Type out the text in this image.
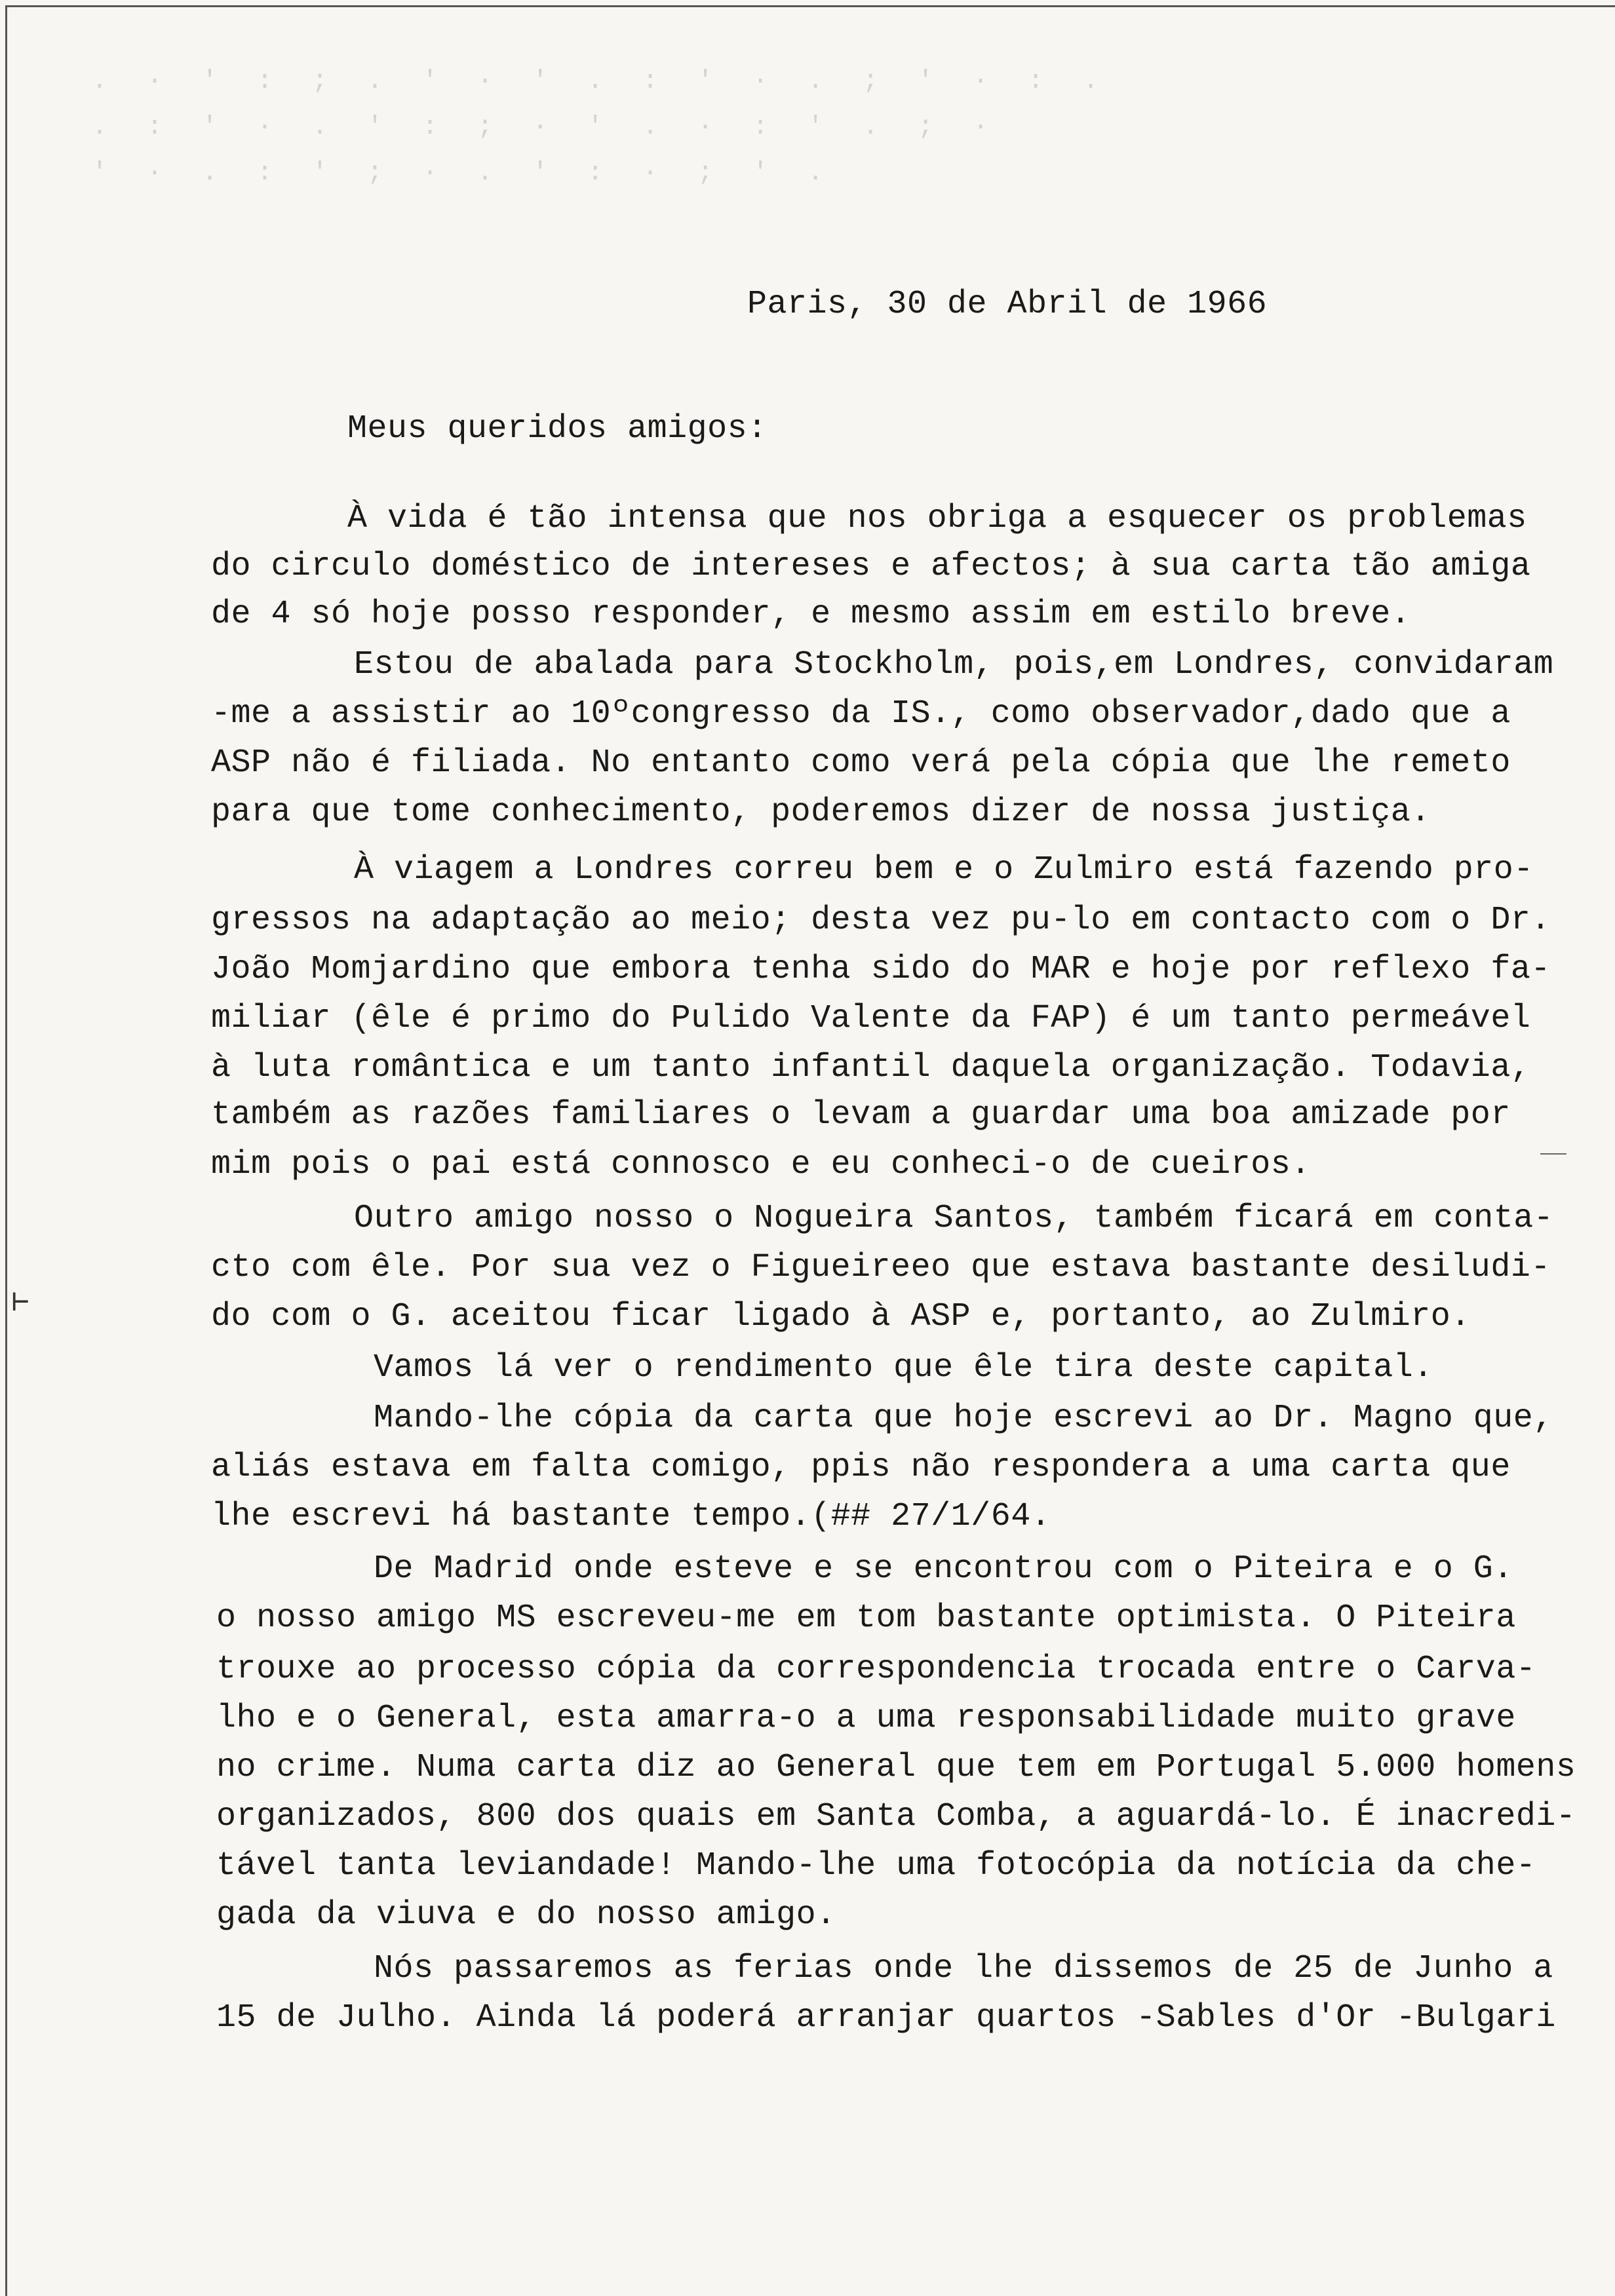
. · ' : ; . ' · ' . : ' · . ; ' · : .
. : ' · . ' : ; · ' . · : ' . ; ·
' · . : ' ; · . ' : · ; ' .
Paris, 30 de Abril de 1966
Meus queridos amigos:
À vida é tão intensa que nos obriga a esquecer os problemas
do circulo doméstico de intereses e afectos; à sua carta tão amiga
de 4 só hoje posso responder, e mesmo assim em estilo breve.
Estou de abalada para Stockholm, pois,em Londres, convidaram
-me a assistir ao 10ºcongresso da IS., como observador,dado que a
ASP não é filiada. No entanto como verá pela cópia que lhe remeto
para que tome conhecimento, poderemos dizer de nossa justiça.
À viagem a Londres correu bem e o Zulmiro está fazendo pro-
gressos na adaptação ao meio; desta vez pu-lo em contacto com o Dr.
João Momjardino que embora tenha sido do MAR e hoje por reflexo fa-
miliar (êle é primo do Pulido Valente da FAP) é um tanto permeável
à luta romântica e um tanto infantil daquela organização. Todavia,
também as razões familiares o levam a guardar uma boa amizade por
mim pois o pai está connosco e eu conheci-o de cueiros.
Outro amigo nosso o Nogueira Santos, também ficará em conta-
cto com êle. Por sua vez o Figueireeo que estava bastante desiludi-
do com o G. aceitou ficar ligado à ASP e, portanto, ao Zulmiro.
Vamos lá ver o rendimento que êle tira deste capital.
Mando-lhe cópia da carta que hoje escrevi ao Dr. Magno que,
aliás estava em falta comigo, ppis não respondera a uma carta que
lhe escrevi há bastante tempo.(## 27/1/64.
De Madrid onde esteve e se encontrou com o Piteira e o G.
o nosso amigo MS escreveu-me em tom bastante optimista. O Piteira
trouxe ao processo cópia da correspondencia trocada entre o Carva-
lho e o General, esta amarra-o a uma responsabilidade muito grave
no crime. Numa carta diz ao General que tem em Portugal 5.000 homens
organizados, 800 dos quais em Santa Comba, a aguardá-lo. É inacredi-
tável tanta leviandade! Mando-lhe uma fotocópia da notícia da che-
gada da viuva e do nosso amigo.
Nós passaremos as ferias onde lhe dissemos de 25 de Junho a
15 de Julho. Ainda lá poderá arranjar quartos -Sables d'Or -Bulgari
⊢
